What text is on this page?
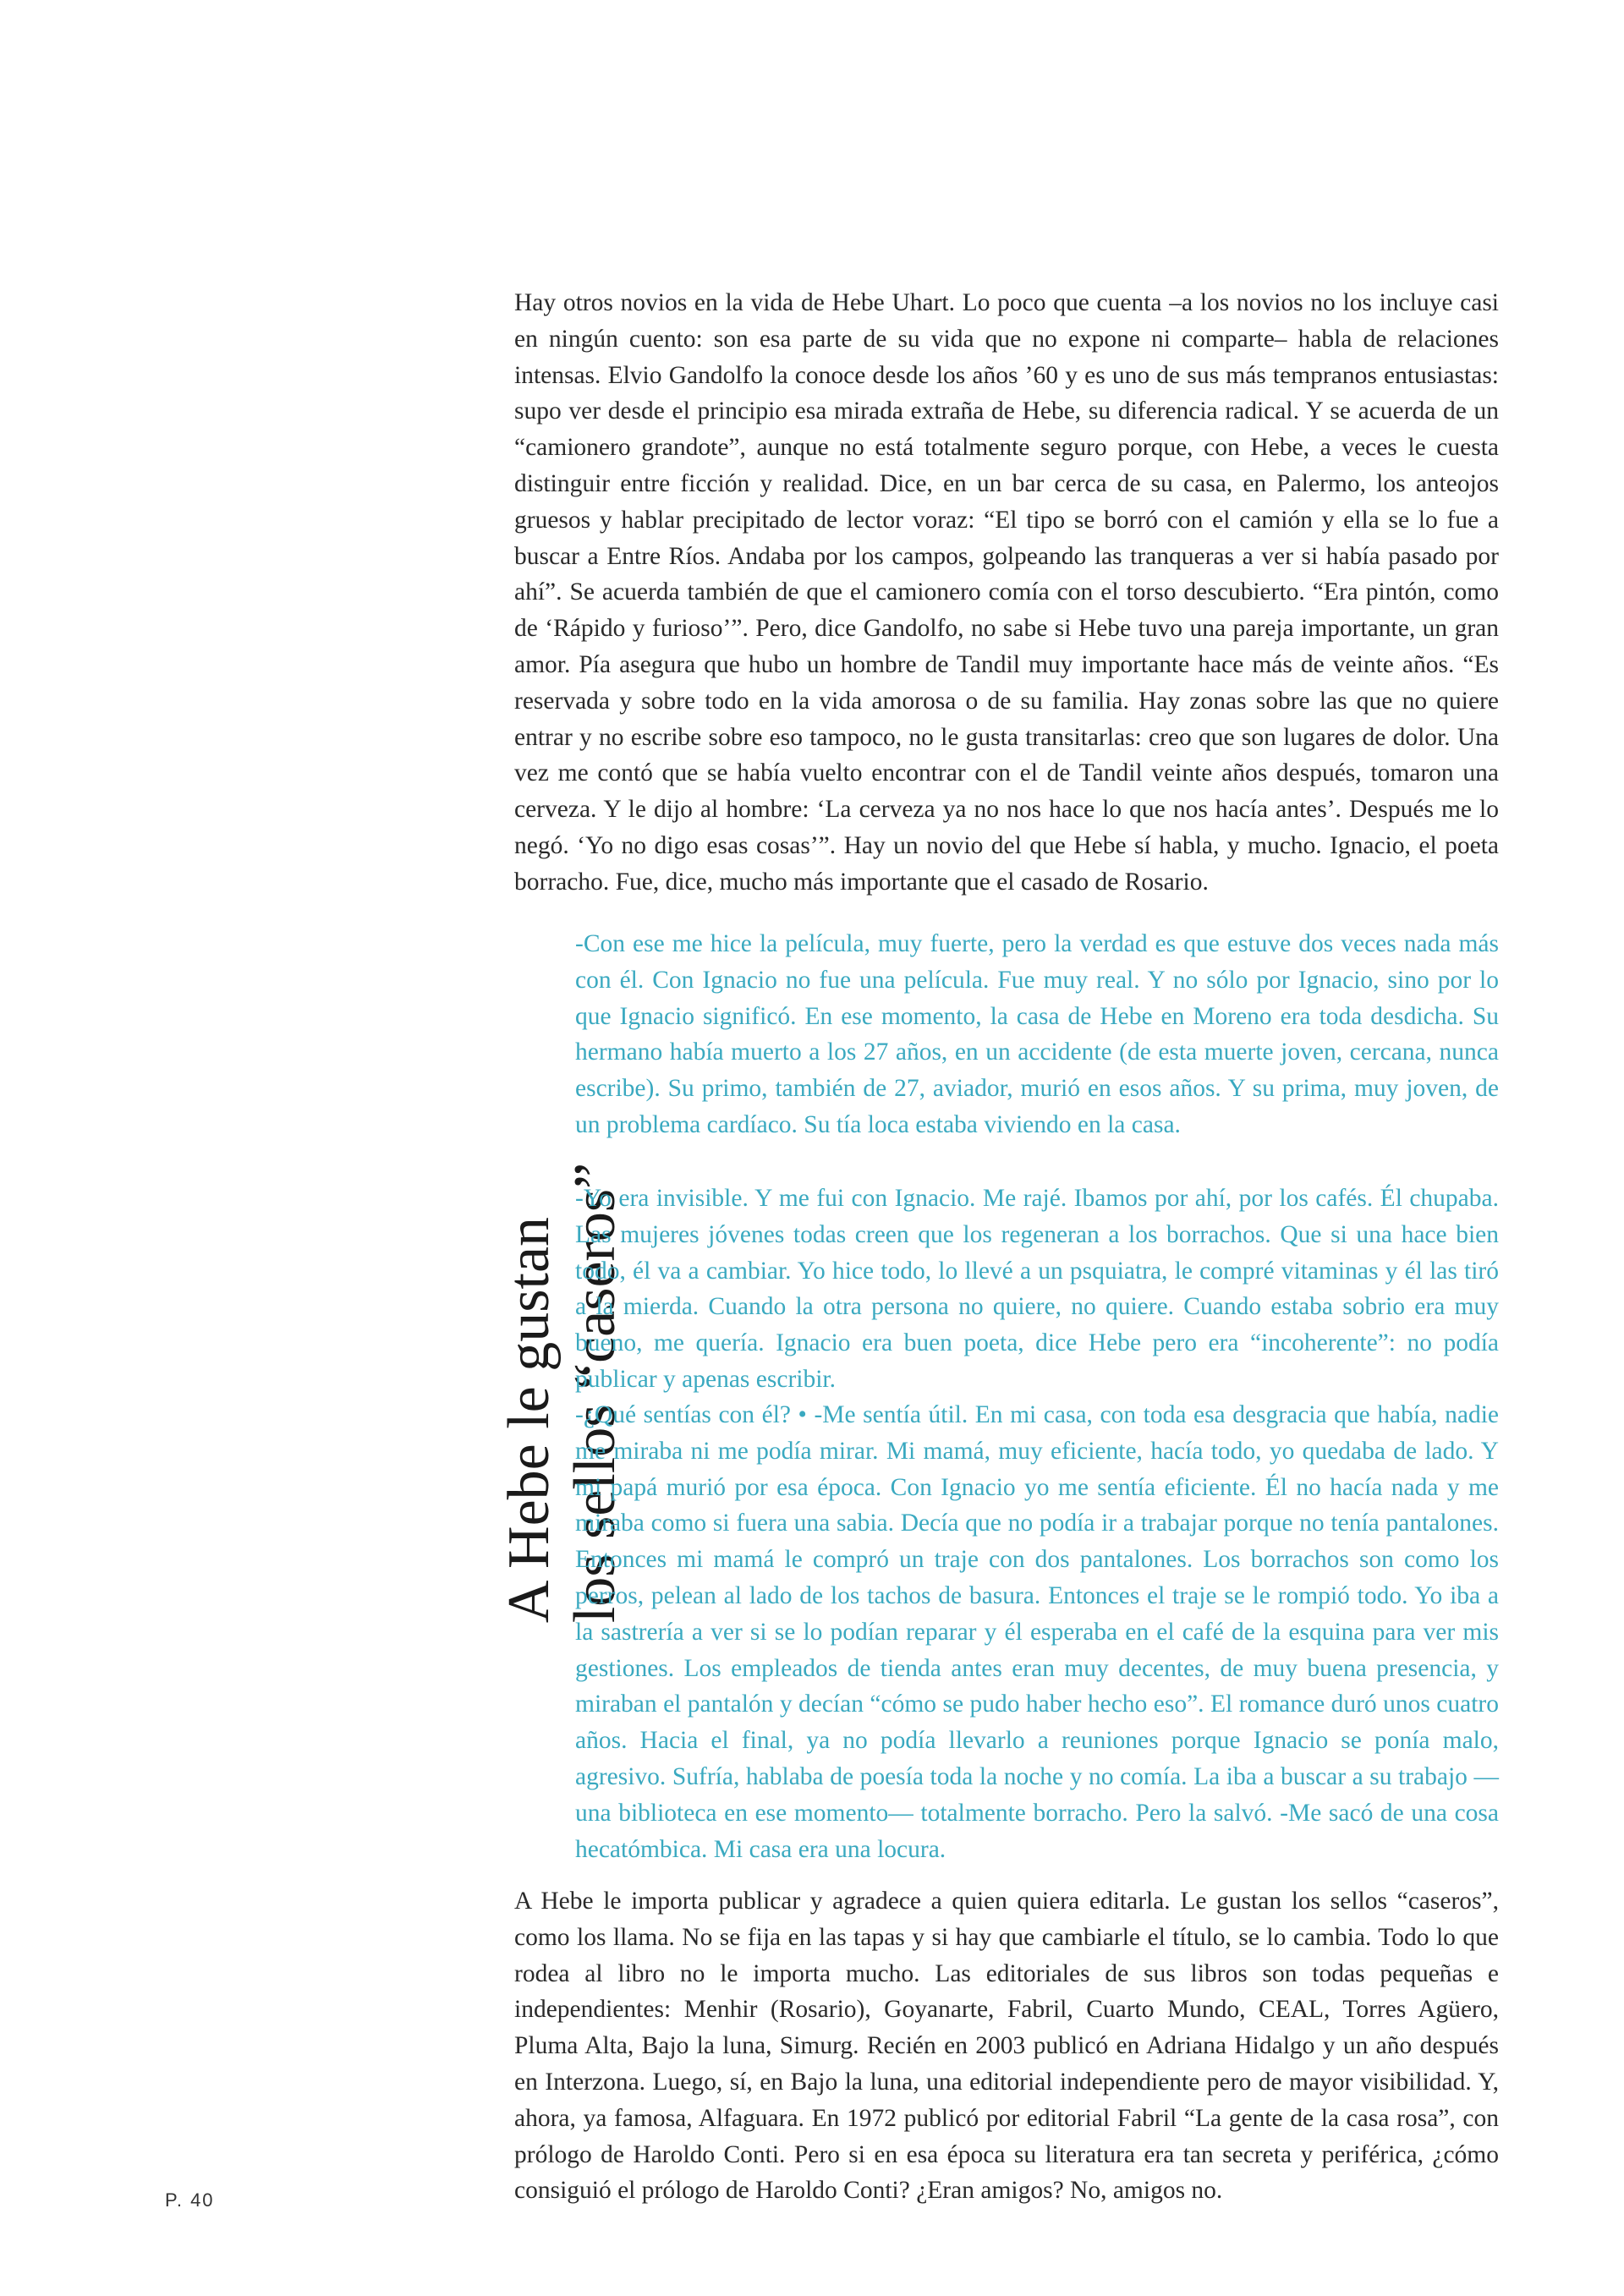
Hay otros novios en la vida de Hebe Uhart. Lo poco que cuenta –a los novios no los incluye casi en ningún cuento: son esa parte de su vida que no expone ni comparte– habla de relaciones intensas. Elvio Gandolfo la conoce desde los años ’60 y es uno de sus más tempranos entusiastas: supo ver desde el principio esa mirada extraña de Hebe, su diferencia radical. Y se acuerda de un “camionero grandote”, aunque no está totalmente seguro porque, con Hebe, a veces le cuesta distinguir entre ficción y realidad. Dice, en un bar cerca de su casa, en Palermo, los anteojos gruesos y hablar precipitado de lector voraz: “El tipo se borró con el camión y ella se lo fue a buscar a Entre Ríos. Andaba por los campos, golpeando las tranqueras a ver si había pasado por ahí”. Se acuerda también de que el camionero comía con el torso descubierto. “Era pintón, como de ‘Rápido y furioso’”. Pero, dice Gandolfo, no sabe si Hebe tuvo una pareja importante, un gran amor. Pía asegura que hubo un hombre de Tandil muy importante hace más de veinte años. “Es reservada y sobre todo en la vida amorosa o de su familia. Hay zonas sobre las que no quiere entrar y no escribe sobre eso tampoco, no le gusta transitarlas: creo que son lugares de dolor. Una vez me contó que se había vuelto encontrar con el de Tandil veinte años después, tomaron una cerveza. Y le dijo al hombre: ‘La cerveza ya no nos hace lo que nos hacía antes’. Después me lo negó. ‘Yo no digo esas cosas’”. Hay un novio del que Hebe sí habla, y mucho. Ignacio, el poeta borracho. Fue, dice, mucho más importante que el casado de Rosario.

-Con ese me hice la película, muy fuerte, pero la verdad es que estuve dos veces nada más con él. Con Ignacio no fue una película. Fue muy real. Y no sólo por Ignacio, sino por lo que Ignacio significó. En ese momento, la casa de Hebe en Moreno era toda desdicha. Su hermano había muerto a los 27 años, en un accidente (de esta muerte joven, cercana, nunca escribe). Su primo, también de 27, aviador, murió en esos años. Y su prima, muy joven, de un problema cardíaco. Su tía loca estaba viviendo en la casa.

A Hebe le gustan los sellos “caseros”

-Yo era invisible. Y me fui con Ignacio. Me rajé. Ibamos por ahí, por los cafés. Él chupaba. Las mujeres jóvenes todas creen que los regeneran a los borrachos. Que si una hace bien todo, él va a cambiar. Yo hice todo, lo llevé a un psquiatra, le compré vitaminas y él las tiró a la mierda. Cuando la otra persona no quiere, no quiere. Cuando estaba sobrio era muy bueno, me quería. Ignacio era buen poeta, dice Hebe pero era “incoherente”: no podía publicar y apenas escribir.

-¿Qué sentías con él? • -Me sentía útil. En mi casa, con toda esa desgracia que había, nadie me miraba ni me podía mirar. Mi mamá, muy eficiente, hacía todo, yo quedaba de lado. Y mi papá murió por esa época. Con Ignacio yo me sentía eficiente. Él no hacía nada y me miraba como si fuera una sabia. Decía que no podía ir a trabajar porque no tenía pantalones. Entonces mi mamá le compró un traje con dos pantalones. Los borrachos son como los perros, pelean al lado de los tachos de basura. Entonces el traje se le rompió todo. Yo iba a la sastrería a ver si se lo podían reparar y él esperaba en el café de la esquina para ver mis gestiones. Los empleados de tienda antes eran muy decentes, de muy buena presencia, y miraban el pantalón y decían “cómo se pudo haber hecho eso”. El romance duró unos cuatro años. Hacia el final, ya no podía llevarlo a reuniones porque Ignacio se ponía malo, agresivo. Sufría, hablaba de poesía toda la noche y no comía. La iba a buscar a su trabajo —una biblioteca en ese momento— totalmente borracho. Pero la salvó. -Me sacó de una cosa hecatómbica. Mi casa era una locura.

A Hebe le importa publicar y agradece a quien quiera editarla. Le gustan los sellos “caseros”, como los llama. No se fija en las tapas y si hay que cambiarle el título, se lo cambia. Todo lo que rodea al libro no le importa mucho. Las editoriales de sus libros son todas pequeñas e independientes: Menhir (Rosario), Goyanarte, Fabril, Cuarto Mundo, CEAL, Torres Agüero, Pluma Alta, Bajo la luna, Simurg. Recién en 2003 publicó en Adriana Hidalgo y un año después en Interzona. Luego, sí, en Bajo la luna, una editorial independiente pero de mayor visibilidad. Y, ahora, ya famosa, Alfaguara. En 1972 publicó por editorial Fabril “La gente de la casa rosa”, con prólogo de Haroldo Conti. Pero si en esa época su literatura era tan secreta y periférica, ¿cómo consiguió el prólogo de Haroldo Conti? ¿Eran amigos? No, amigos no.

P. 40
